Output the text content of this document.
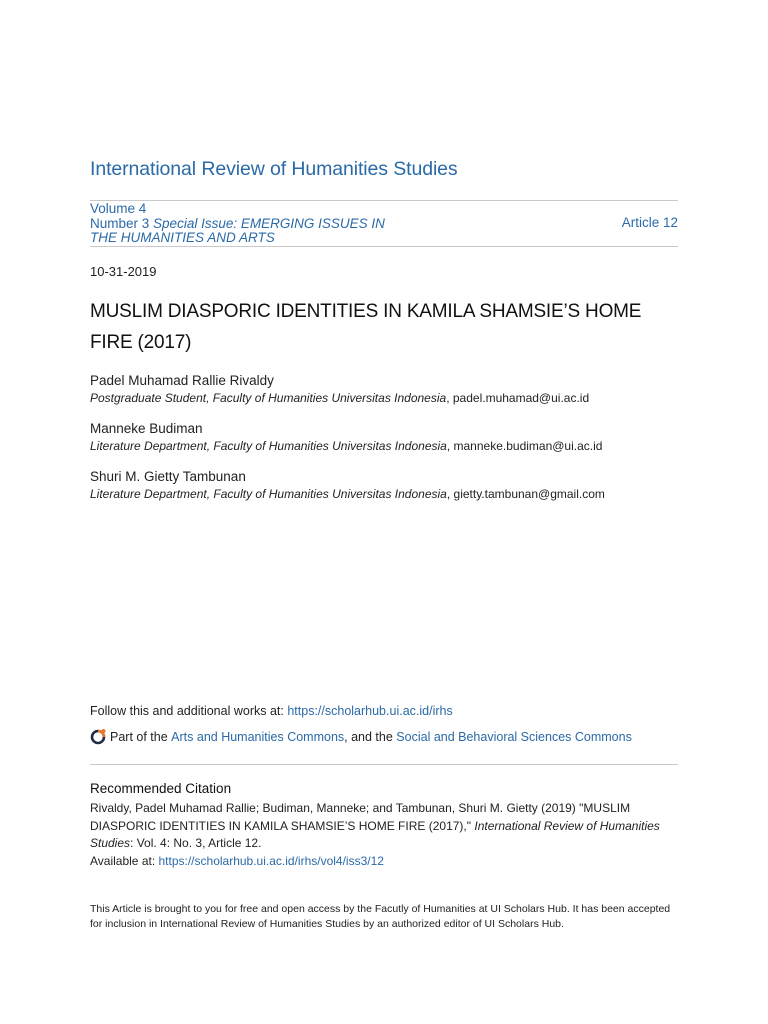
International Review of Humanities Studies
Volume 4
Number 3 Special Issue: EMERGING ISSUES IN
THE HUMANITIES AND ARTS
Article 12
10-31-2019
MUSLIM DIASPORIC IDENTITIES IN KAMILA SHAMSIE’S HOME
FIRE (2017)
Padel Muhamad Rallie Rivaldy
Postgraduate Student, Faculty of Humanities Universitas Indonesia, padel.muhamad@ui.ac.id
Manneke Budiman
Literature Department, Faculty of Humanities Universitas Indonesia, manneke.budiman@ui.ac.id
Shuri M. Gietty Tambunan
Literature Department, Faculty of Humanities Universitas Indonesia, gietty.tambunan@gmail.com
Follow this and additional works at: https://scholarhub.ui.ac.id/irhs
Part of the
Arts and Humanities Commons , and the
Social and Behavioral Sciences Commons
Recommended Citation
Rivaldy, Padel Muhamad Rallie; Budiman, Manneke; and Tambunan, Shuri M. Gietty (2019) "MUSLIM
DIASPORIC IDENTITIES IN KAMILA SHAMSIE’S HOME FIRE (2017)," International Review of Humanities
Studies: Vol. 4: No. 3, Article 12.
Available at: https://scholarhub.ui.ac.id/irhs/vol4/iss3/12
This Article is brought to you for free and open access by the Facutly of Humanities at UI Scholars Hub. It has been accepted for inclusion in International Review of Humanities Studies by an authorized editor of UI Scholars Hub.
